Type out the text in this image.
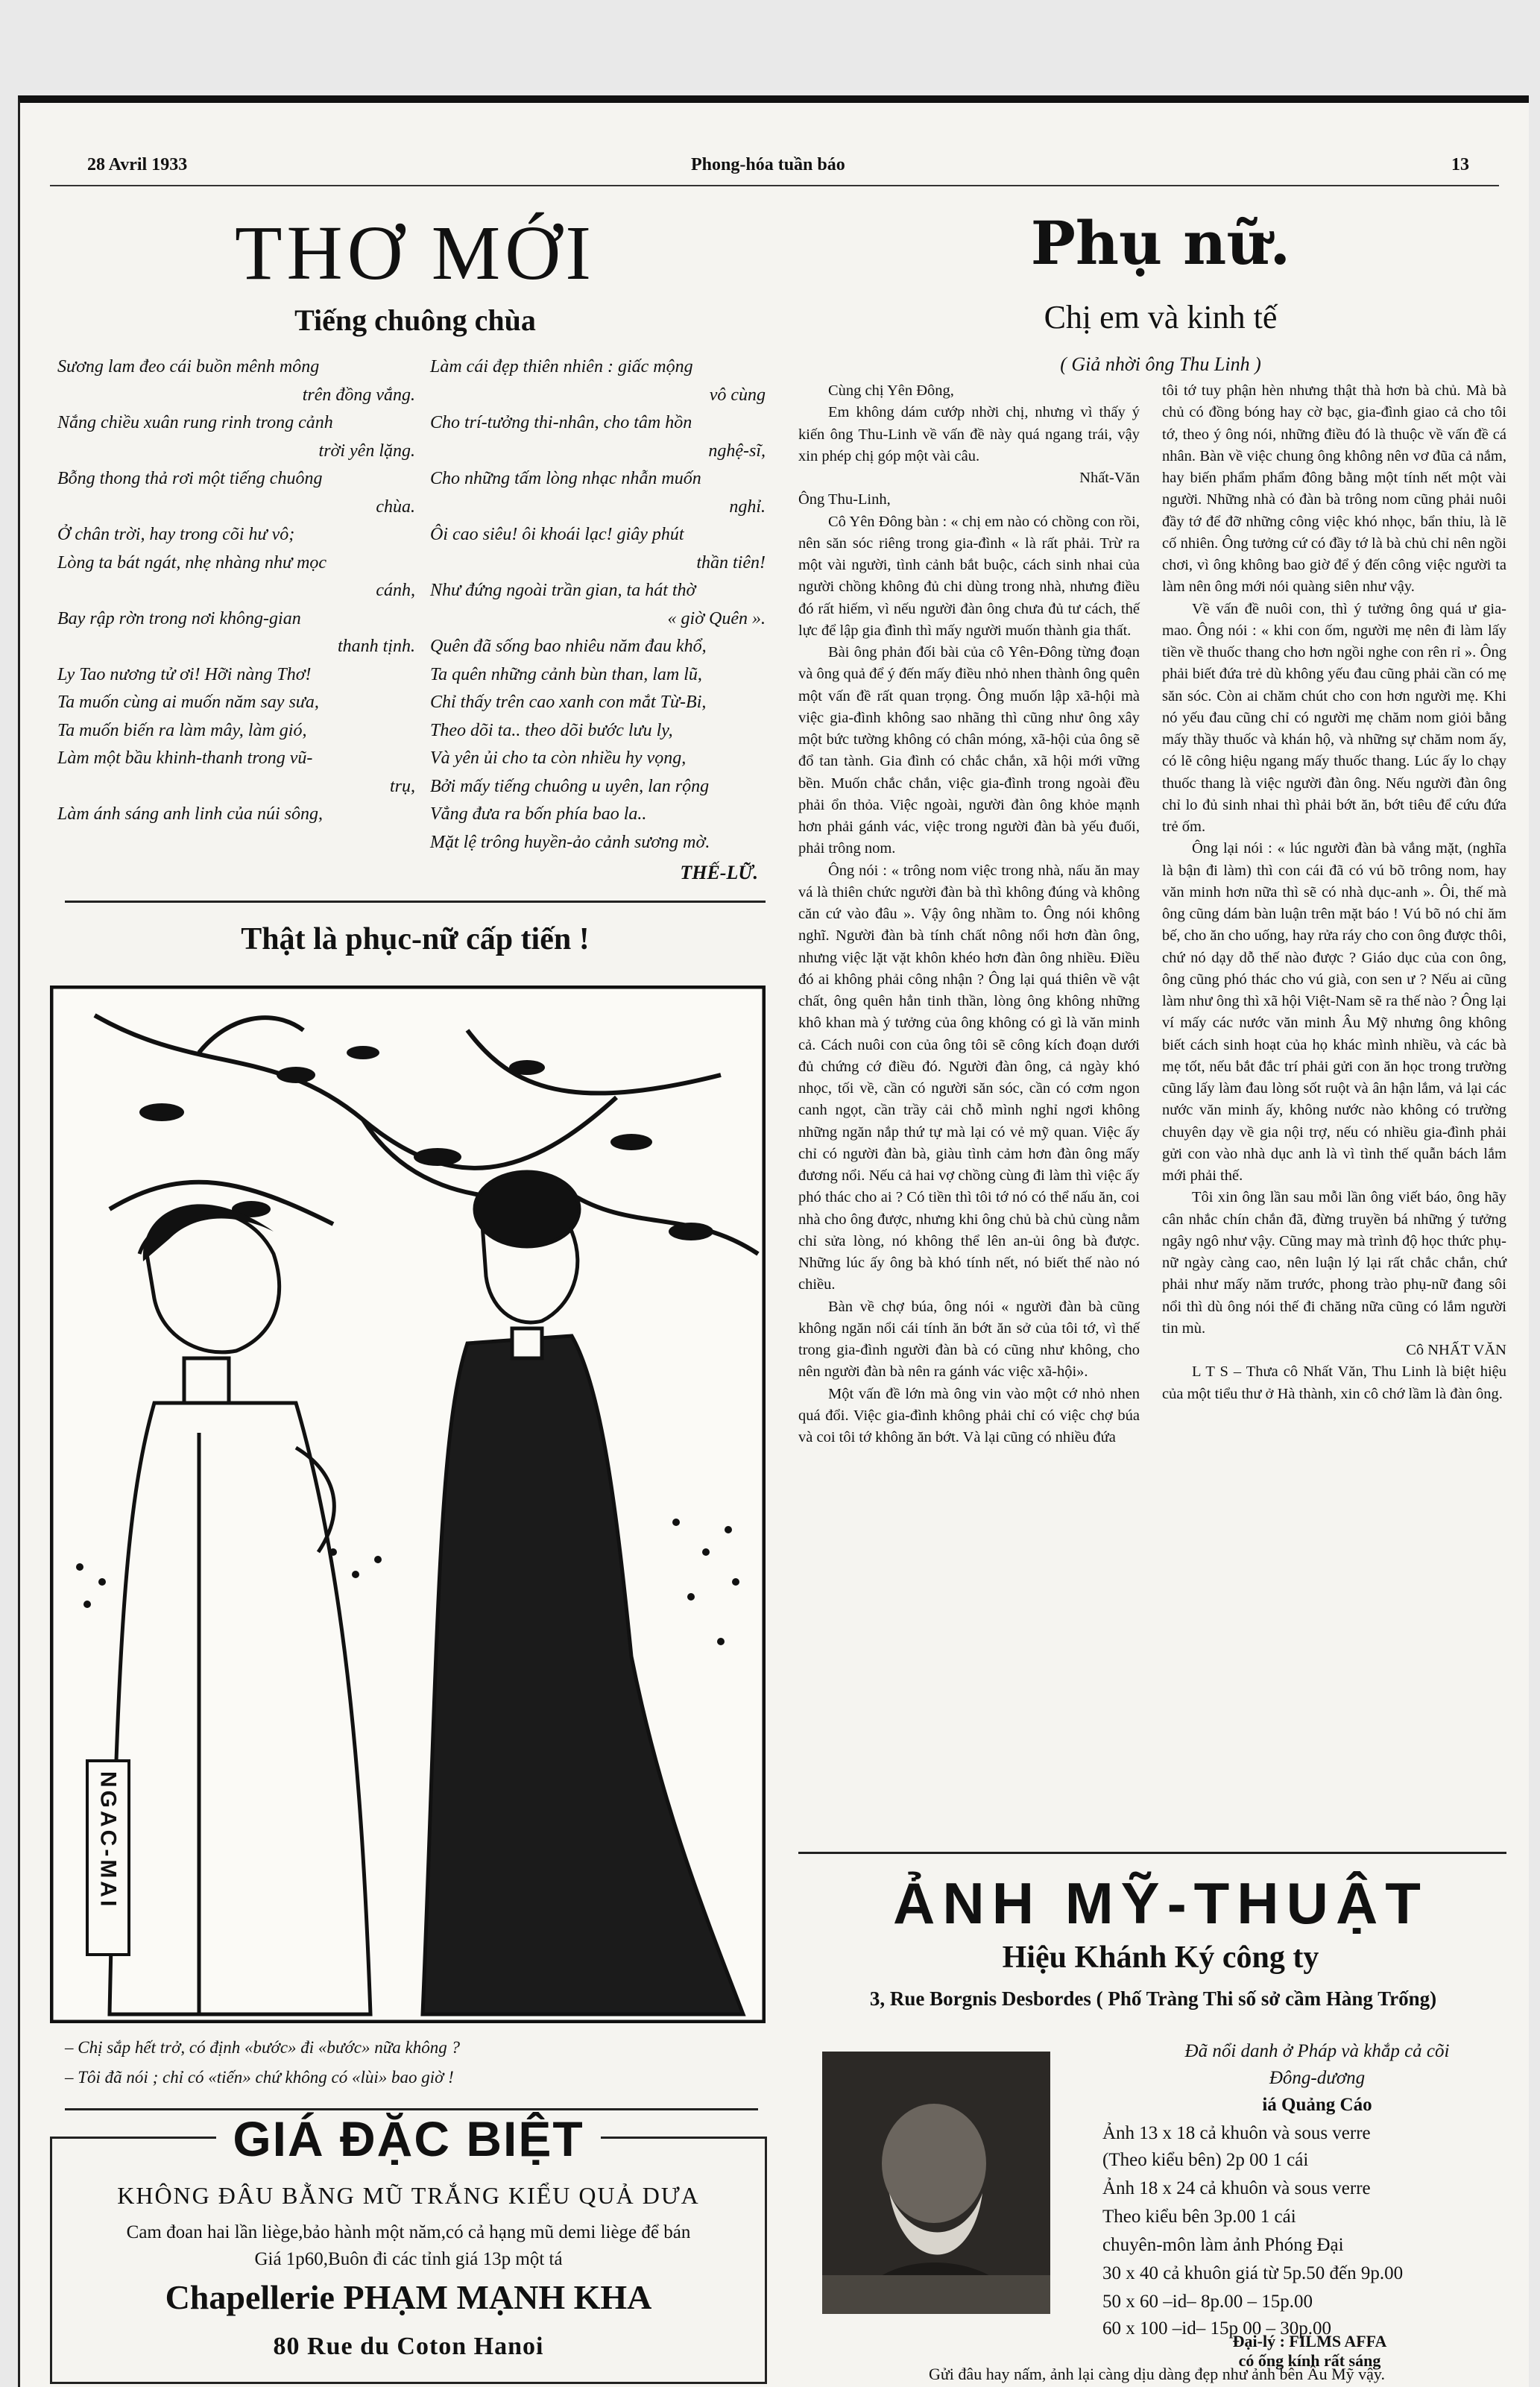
28 Avril 1933	Phong-hóa tuần báo	13
THƠ MỚI
Tiếng chuông chùa
Sương lam đeo cái buồn mênh mông
trên đồng vắng.
Nắng chiều xuân rung rinh trong cảnh
trời yên lặng.
Bỗng thong thả rơi một tiếng chuông
chùa.
Ở chân trời, hay trong cõi hư vô;
Lòng ta bát ngát, nhẹ nhàng như mọc
cánh,
Bay rập rờn trong nơi không-gian
thanh tịnh.
Ly Tao nương tử ơi! Hỡi nàng Thơ!
Ta muốn cùng ai muốn năm say sưa,
Ta muốn biến ra làm mây, làm gió,
Làm một bầu khinh-thanh trong vũ-
trụ,
Làm ánh sáng anh linh của núi sông,
Làm cái đẹp thiên nhiên : giấc mộng
vô cùng
Cho trí-tưởng thi-nhân, cho tâm hồn
nghệ-sĩ,
Cho những tấm lòng nhạc nhẫn muốn
nghỉ.
Ôi cao siêu! ôi khoái lạc! giây phút
thần tiên!
Như đứng ngoài trần gian, ta hát thờ
« giờ Quên ».
Quên đã sống bao nhiêu năm đau khổ,
Ta quên những cảnh bùn than, lam lũ,
Chỉ thấy trên cao xanh con mắt Từ-Bi,
Theo dõi ta.. theo dõi bước lưu ly,
Và yên ủi cho ta còn nhiều hy vọng,
Bởi mấy tiếng chuông u uyên, lan rộng
Vẳng đưa ra bốn phía bao la..
Mặt lệ trông huyền-ảo cảnh sương mờ.
THẾ-LỮ.
Thật là phục-nữ cấp tiến !
NGAC-MAI
– Chị sắp hết trở, có định «bước» đi «bước» nữa không ?
– Tôi đã nói ; chỉ có «tiến» chứ không có «lùi» bao giờ !
GIÁ ĐẶC BIỆT
KHÔNG ĐÂU BẰNG MŨ TRẮNG KIỂU QUẢ DƯA
Cam đoan hai lần liège,bảo hành một năm,có cả hạng mũ demi liège để bán
Giá 1p60,Buôn đi các tỉnh giá 13p một tá
Chapellerie PHẠM MẠNH KHA
80 Rue du Coton Hanoi
Phụ nữ.
Chị em và kinh tế
( Giả nhời ông Thu Linh )

Cùng chị Yên Đông,

Em không dám cướp nhời chị, nhưng vì thấy ý kiến ông Thu-Linh về vấn đề này quá ngang trái, vậy xin phép chị góp một vài câu.

Nhất-Văn

Ông Thu-Linh,

Cô Yên Đông bàn : « chị em nào có chồng con rồi, nên săn sóc riêng trong gia-đình « là rất phải. Trừ ra một vài người, tình cảnh bắt buộc, cách sinh nhai của người chồng không đủ chi dùng trong nhà, nhưng điều đó rất hiếm, vì nếu người đàn ông chưa đủ tư cách, thế lực để lập gia đình thì mấy người muốn thành gia thất.

Bài ông phản đối bài của cô Yên-Đông từng đoạn và ông quả để ý đến mấy điều nhỏ nhen thành ông quên một vấn đề rất quan trọng. Ông muốn lập xã-hội mà việc gia-đình không sao nhãng thì cũng như ông xây một bức tường không có chân móng, xã-hội của ông sẽ đổ tan tành. Gia đình có chắc chắn, xã hội mới vững bền. Muốn chắc chắn, việc gia-đình trong ngoài đều phải ổn thỏa. Việc ngoài, người đàn ông khỏe mạnh hơn phải gánh vác, việc trong người đàn bà yếu đuối, phải trông nom.

Ông nói : « trông nom việc trong nhà, nấu ăn may vá là thiên chức người đàn bà thì không đúng và không căn cứ vào đâu ». Vậy ông nhầm to. Ông nói không nghĩ. Người đàn bà tính chất nông nổi hơn đàn ông, nhưng việc lặt vặt khôn khéo hơn đàn ông nhiều. Điều đó ai không phải công nhận ? Ông lại quá thiên về vật chất, ông quên hẳn tinh thần, lòng ông không những khô khan mà ý tưởng của ông không có gì là văn minh cả. Cách nuôi con của ông tôi sẽ công kích đoạn dưới đủ chứng cớ điều đó. Người đàn ông, cả ngày khó nhọc, tối về, cần có người săn sóc, cần có cơm ngon canh ngọt, cần trầy cải chỗ mình nghỉ ngơi không những ngăn nắp thứ tự mà lại có vẻ mỹ quan. Việc ấy chỉ có người đàn bà, giàu tình cảm hơn đàn ông mấy đương nổi. Nếu cả hai vợ chồng cùng đi làm thì việc ấy phó thác cho ai ? Có tiền thì tôi tớ nó có thể nấu ăn, coi nhà cho ông được, nhưng khi ông chủ bà chủ cùng nằm chỉ sửa lòng, nó không thể lên an-ủi ông bà được. Những lúc ấy ông bà khó tính nết, nó biết thế nào nó chiều.

Bàn về chợ búa, ông nói « người đàn bà cũng không ngăn nổi cái tính ăn bớt ăn sở của tôi tớ, vì thế trong gia-đình người đàn bà có cũng như không, cho nên người đàn bà nên ra gánh vác việc xã-hội».

Một vấn đề lớn mà ông vin vào một cớ nhỏ nhen quá đổi. Việc gia-đình không phải chỉ có việc chợ búa và coi tôi tớ không ăn bớt. Và lại cũng có nhiều đứa

tôi tớ tuy phận hèn nhưng thật thà hơn bà chủ. Mà bà chủ có đồng bóng hay cờ bạc, gia-đình giao cả cho tôi tớ, theo ý ông nói, những điều đó là thuộc về vấn đề cá nhân. Bàn về việc chung ông không nên vơ đũa cả nắm, hay biến phẩm phẩm đông bằng một tính nết một vài người. Những nhà có đàn bà trông nom cũng phải nuôi đầy tớ để đỡ những công việc khó nhọc, bẩn thỉu, là lẽ cố nhiên. Ông tưởng cứ có đầy tớ là bà chủ chỉ nên ngồi chơi, vì ông không bao giờ để ý đến công việc người ta làm nên ông mới nói quàng siên như vậy.

Về vấn đề nuôi con, thì ý tưởng ông quá ư gia-mao. Ông nói : « khi con ốm, người mẹ nên đi làm lấy tiền về thuốc thang cho hơn ngồi nghe con rên rỉ ». Ông phải biết đứa trẻ dù không yếu đau cũng phải cần có mẹ săn sóc. Còn ai chăm chút cho con hơn người mẹ. Khi nó yếu đau cũng chỉ có người mẹ chăm nom giỏi bằng mấy thầy thuốc và khán hộ, và những sự chăm nom ấy, có lẽ công hiệu ngang mấy thuốc thang. Lúc ấy lo chạy thuốc thang là việc người đàn ông. Nếu người đàn ông chỉ lo đủ sinh nhai thì phải bớt ăn, bớt tiêu để cứu đứa trẻ ốm.

Ông lại nói : « lúc người đàn bà vắng mặt, (nghĩa là bận đi làm) thì con cái đã có vú bõ trông nom, hay văn minh hơn nữa thì sẽ có nhà dục-anh ». Ôi, thế mà ông cũng dám bàn luận trên mặt báo ! Vú bõ nó chỉ ăm bế, cho ăn cho uống, hay rửa ráy cho con ông được thôi, chứ nó dạy dỗ thế nào được ? Giáo dục của con ông, ông cũng phó thác cho vú già, con sen ư ? Nếu ai cũng làm như ông thì xã hội Việt-Nam sẽ ra thế nào ? Ông lại ví mấy các nước văn minh Âu Mỹ nhưng ông không biết cách sinh hoạt của họ khác mình nhiều, và các bà mẹ tốt, nếu bắt đắc trí phải gửi con ăn học trong trường cũng lấy làm đau lòng sốt ruột và ân hận lắm, vả lại các nước văn minh ấy, không nước nào không có trường chuyên dạy về gia nội trợ, nếu có nhiều gia-đình phải gửi con vào nhà dục anh là vì tình thế quẫn bách lắm mới phải thế.

Tôi xin ông lần sau mỗi lần ông viết báo, ông hãy cân nhắc chín chắn đã, đừng truyền bá những ý tưởng ngây ngô như vậy. Cũng may mà trình độ học thức phụ-nữ ngày càng cao, nên luận lý lại rất chắc chắn, chứ phải như mấy năm trước, phong trào phụ-nữ đang sôi nổi thì dù ông nói thế đi chăng nữa cũng có lắm người tin mù.

Cô NHẤT VĂN

L T S – Thưa cô Nhất Văn, Thu Linh là biệt hiệu của một tiểu thư ở Hà thành, xin cô chớ lầm là đàn ông.

ẢNH MỸ-THUẬT
Hiệu Khánh Ký công ty
3, Rue Borgnis Desbordes ( Phố Tràng Thi số sở cầm Hàng Trống)
Đã nổi danh ở Pháp và khắp cả cõi
Đông-dương
iá Quảng Cáo
Ảnh 13 x 18 cả khuôn và sous verre
(Theo kiểu bên) 2p 00 1 cái
Ảnh 18 x 24 cả khuôn và sous verre
Theo kiểu bên 3p.00 1 cái
chuyên-môn làm ảnh Phóng Đại
30 x 40 cả khuôn giá từ 5p.50 đến 9p.00
50 x 60 –id– 8p.00 – 15p.00
60 x 100 –id– 15p 00 – 30p.00
Đại-lý : FILMS AFFA
có ống kính rất sáng
Gửi đâu hay nấm, ảnh lại càng dịu dàng đẹp như ảnh bên Âu Mỹ vậy.
